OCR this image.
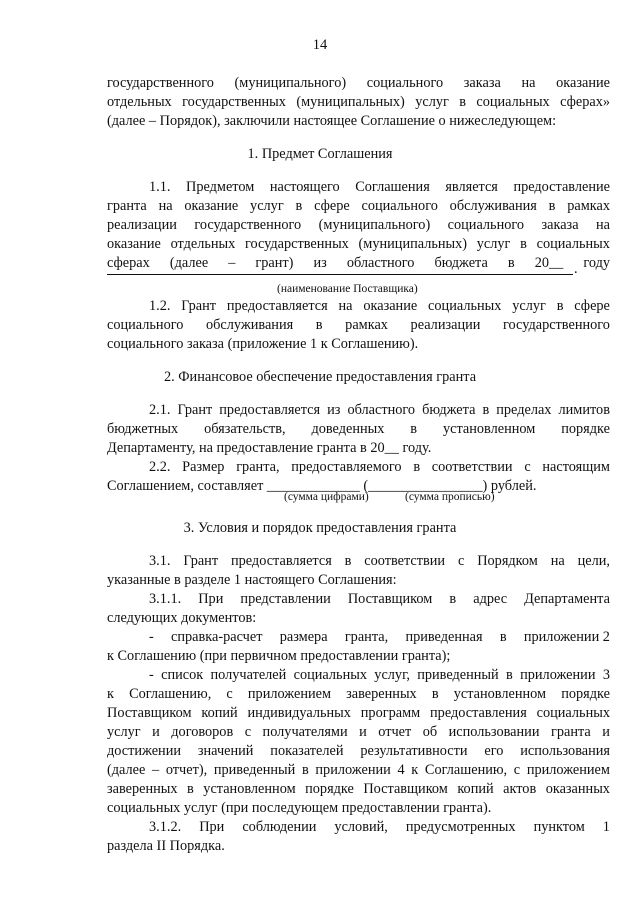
14
государственного (муниципального) социального заказа на оказание
отдельных государственных (муниципальных) услуг в социальных сферах»
(далее – Порядок), заключили настоящее Соглашение о нижеследующем:
1. Предмет Соглашения
1.1. Предметом настоящего Соглашения является предоставление
гранта на оказание услуг в сфере социального обслуживания в рамках
реализации государственного (муниципального) социального заказа на
оказание отдельных государственных (муниципальных) услуг в социальных
сферах (далее – грант) из областного бюджета в 20__ году
.
(наименование Поставщика)
1.2. Грант предоставляется на оказание социальных услуг в сфере
социального обслуживания в рамках реализации государственного
социального заказа (приложение 1 к Соглашению).
2. Финансовое обеспечение предоставления гранта
2.1. Грант предоставляется из областного бюджета в пределах лимитов
бюджетных обязательств, доведенных в установленном порядке
Департаменту, на предоставление гранта в 20__ году.
2.2. Размер гранта, предоставляемого в соответствии с настоящим
Соглашением, составляет _____________ (________________) рублей.
(сумма цифрами)	(сумма прописью)
3. Условия и порядок предоставления гранта
3.1. Грант предоставляется в соответствии с Порядком на цели,
указанные в разделе 1 настоящего Соглашения:
3.1.1. При представлении Поставщиком в адрес Департамента
следующих документов:
- справка-расчет размера гранта, приведенная в приложении 2
к Соглашению (при первичном предоставлении гранта);
- список получателей социальных услуг, приведенный в приложении 3
к Соглашению, с приложением заверенных в установленном порядке
Поставщиком копий индивидуальных программ предоставления социальных
услуг и договоров с получателями и отчет об использовании гранта и
достижении значений показателей результативности его использования
(далее – отчет), приведенный в приложении 4 к Соглашению, с приложением
заверенных в установленном порядке Поставщиком копий актов оказанных
социальных услуг (при последующем предоставлении гранта).
3.1.2. При соблюдении условий, предусмотренных пунктом 1
раздела II Порядка.
